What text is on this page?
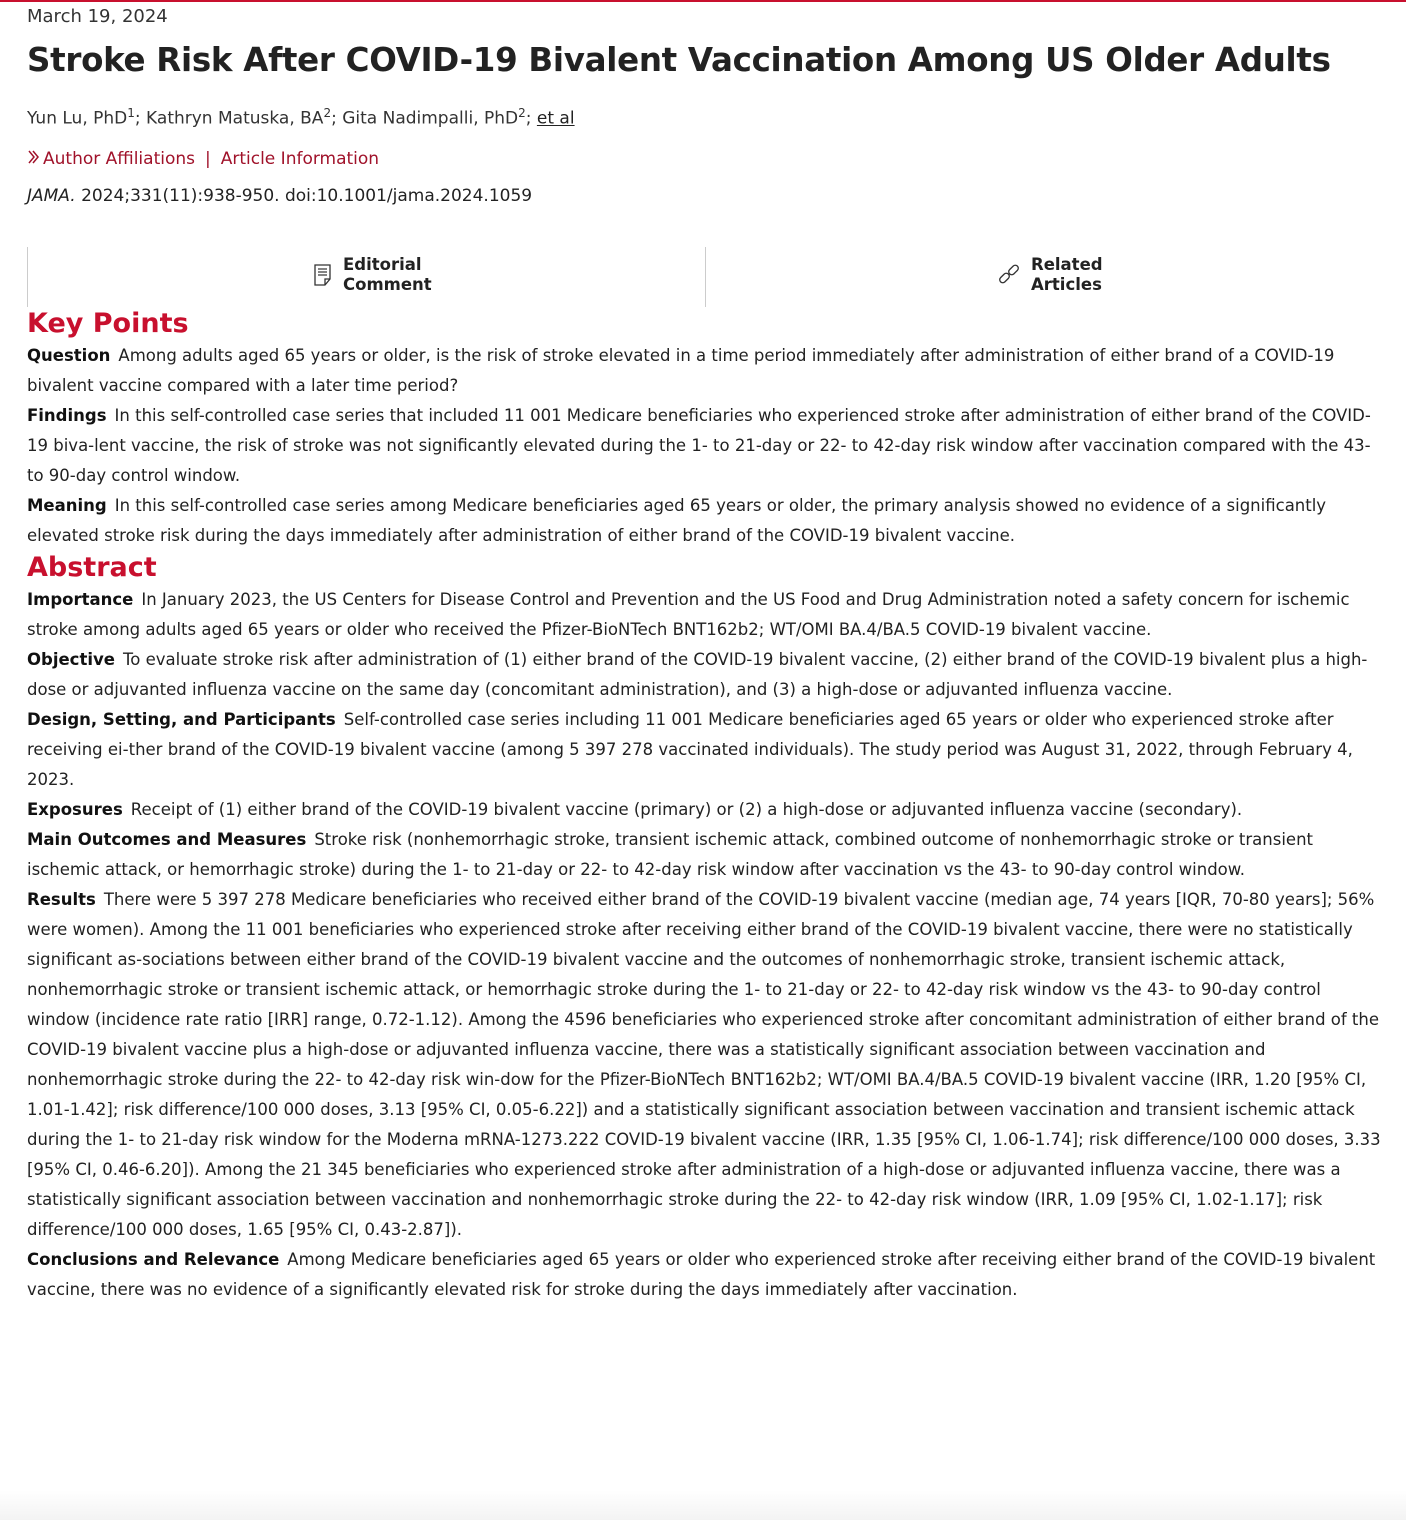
March 19, 2024
Stroke Risk After COVID-19 Bivalent Vaccination Among US Older Adults
Yun Lu, PhD$^1$; Kathryn Matuska, $BA^2$; Gita Nadimpalli, PhD$^2$; et al
Author Affiliations | Article Information
JAMA. 2024;331(11):938-950. doi:10.1001/jama.2024.1059
Editorial Comment
Related Articles
Key Points

Question Among adults aged 65 years or older, is the risk of stroke elevated in a time period immediately after administration of either brand of a COVID-19 bivalent vaccine compared with a later time period?

Findings In this self-controlled case series that included 11 001 Medicare beneficiaries who experienced stroke after administration of either brand of the COVID-19 biva-lent vaccine, the risk of stroke was not significantly elevated during the 1- to 21-day or 22- to 42-day risk window after vaccination compared with the 43- to 90-day control window.

Meaning In this self-controlled case series among Medicare beneficiaries aged 65 years or older, the primary analysis showed no evidence of a significantly elevated stroke risk during the days immediately after administration of either brand of the COVID-19 bivalent vaccine.

Abstract

Importance In January 2023, the US Centers for Disease Control and Prevention and the US Food and Drug Administration noted a safety concern for ischemic stroke among adults aged 65 years or older who received the Pfizer-BioNTech BNT162b2; WT/OMI BA.4/BA.5 COVID-19 bivalent vaccine.

Objective To evaluate stroke risk after administration of (1) either brand of the COVID-19 bivalent vaccine, (2) either brand of the COVID-19 bivalent plus a high-dose or adjuvanted influenza vaccine on the same day (concomitant administration), and (3) a high-dose or adjuvanted influenza vaccine.

Design, Setting, and Participants Self-controlled case series including 11 001 Medicare beneficiaries aged 65 years or older who experienced stroke after receiving ei-ther brand of the COVID-19 bivalent vaccine (among 5 397 278 vaccinated individuals). The study period was August 31, 2022, through February 4, 2023.

Exposures Receipt of (1) either brand of the COVID-19 bivalent vaccine (primary) or (2) a high-dose or adjuvanted influenza vaccine (secondary).

Main Outcomes and Measures Stroke risk (nonhemorrhagic stroke, transient ischemic attack, combined outcome of nonhemorrhagic stroke or transient ischemic attack, or hemorrhagic stroke) during the 1- to 21-day or 22- to 42-day risk window after vaccination vs the 43- to 90-day control window.

Results There were 5 397 278 Medicare beneficiaries who received either brand of the COVID-19 bivalent vaccine (median age, 74 years [IQR, 70-80 years]; 56% were women). Among the 11 001 beneficiaries who experienced stroke after receiving either brand of the COVID-19 bivalent vaccine, there were no statistically significant as-sociations between either brand of the COVID-19 bivalent vaccine and the outcomes of nonhemorrhagic stroke, transient ischemic attack, nonhemorrhagic stroke or transient ischemic attack, or hemorrhagic stroke during the 1- to 21-day or 22- to 42-day risk window vs the 43- to 90-day control window (incidence rate ratio [IRR] range, 0.72-1.12). Among the 4596 beneficiaries who experienced stroke after concomitant administration of either brand of the COVID-19 bivalent vaccine plus a high-dose or adjuvanted influenza vaccine, there was a statistically significant association between vaccination and nonhemorrhagic stroke during the 22- to 42-day risk win-dow for the Pfizer-BioNTech BNT162b2; WT/OMI BA.4/BA.5 COVID-19 bivalent vaccine (IRR, 1.20 [95% CI, 1.01-1.42]; risk difference/100 000 doses, 3.13 [95% CI, 0.05-6.22]) and a statistically significant association between vaccination and transient ischemic attack during the 1- to 21-day risk window for the Moderna mRNA-1273.222 COVID-19 bivalent vaccine (IRR, 1.35 [95% CI, 1.06-1.74]; risk difference/100 000 doses, 3.33 [95% CI, 0.46-6.20]). Among the 21 345 beneficiaries who experienced stroke after administration of a high-dose or adjuvanted influenza vaccine, there was a statistically significant association between vaccination and nonhemorrhagic stroke during the 22- to 42-day risk window (IRR, 1.09 [95% CI, 1.02-1.17]; risk difference/100 000 doses, 1.65 [95% CI, 0.43-2.87]).

Conclusions and Relevance Among Medicare beneficiaries aged 65 years or older who experienced stroke after receiving either brand of the COVID-19 bivalent vaccine, there was no evidence of a significantly elevated risk for stroke during the days immediately after vaccination.
